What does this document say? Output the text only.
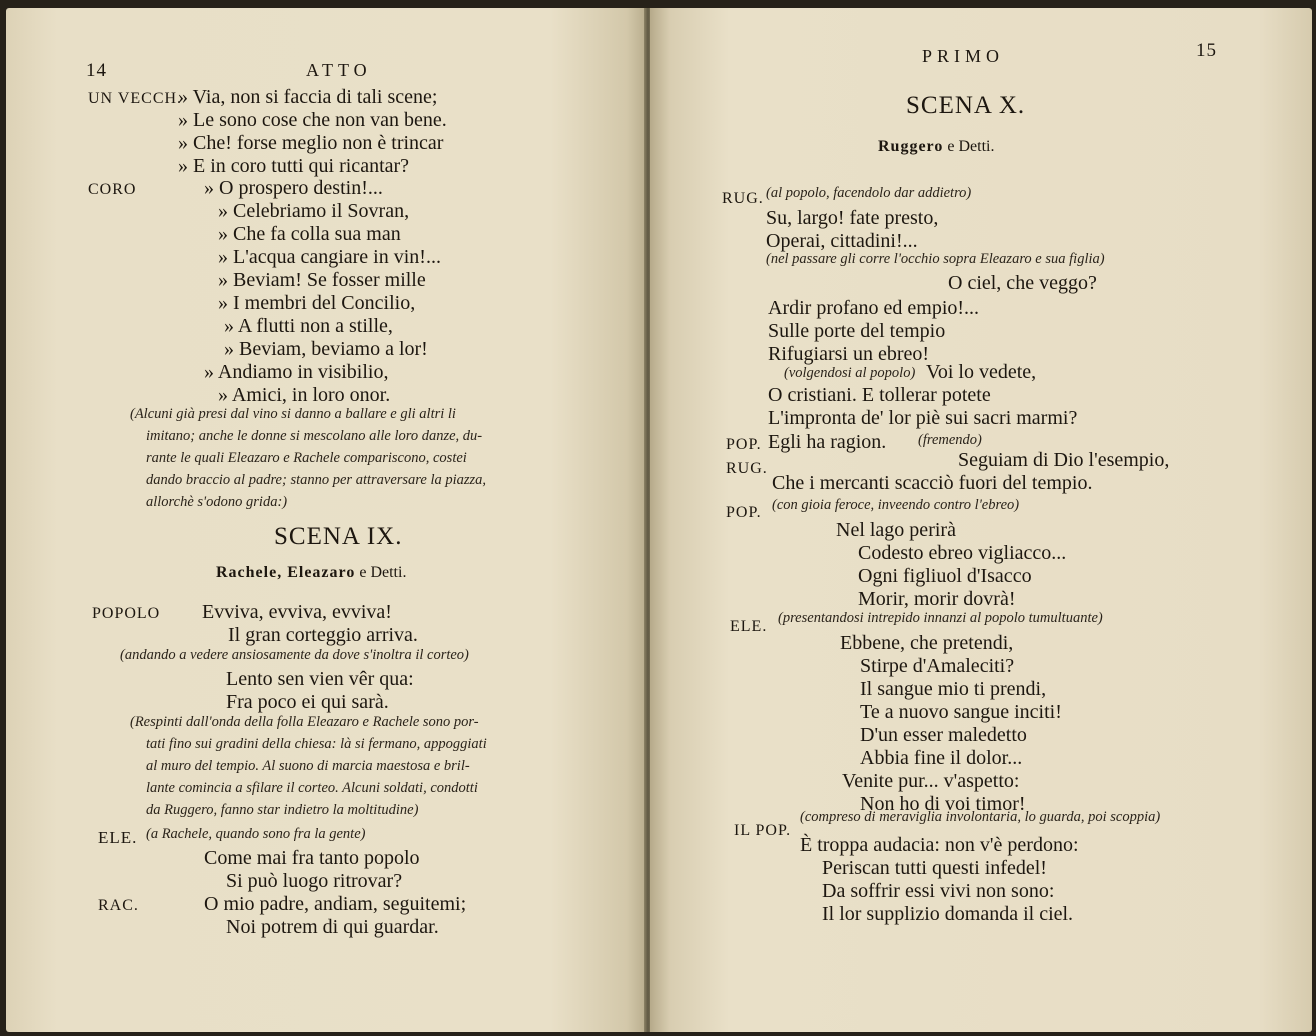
14	ATTO
UN VECCH.
» Via, non si faccia di tali scene;
» Le sono cose che non van bene.
» Che! forse meglio non è trincar
» E in coro tutti qui ricantar?
CORO	» O prospero destin!...
» Celebriamo il Sovran,
» Che fa colla sua man
» L'acqua cangiare in vin!...
» Beviam! Se fosser mille
» I membri del Concilio,
» A flutti non a stille,
» Beviam, beviamo a lor!
» Andiamo in visibilio,
» Amici, in loro onor.
(Alcuni già presi dal vino si danno a ballare e gli altri li
imitano; anche le donne si mescolano alle loro danze, du-
rante le quali Eleazaro e Rachele compariscono, costei
dando braccio al padre; stanno per attraversare la piazza,
allorchè s'odono grida:)
SCENA IX.
Rachele, Eleazaro e Detti.
POPOLO Evviva, evviva, evviva!
Il gran corteggio arriva.
(andando a vedere ansiosamente da dove s'inoltra il corteo)
Lento sen vien vêr qua:
Fra poco ei qui sarà.
(Respinti dall'onda della folla Eleazaro e Rachele sono por-
tati fino sui gradini della chiesa: là si fermano, appoggiati
al muro del tempio. Al suono di marcia maestosa e bril-
lante comincia a sfilare il corteo. Alcuni soldati, condotti
da Ruggero, fanno star indietro la moltitudine)
ELE. (a Rachele, quando sono fra la gente)
Come mai fra tanto popolo
Si può luogo ritrovar?
RAC.	O mio padre, andiam, seguitemi;
Noi potrem di qui guardar.
PRIMO	15
SCENA X.
Ruggero e Detti.
RUG. (al popolo, facendolo dar addietro)
Su, largo! fate presto,
Operai, cittadini!...
(nel passare gli corre l'occhio sopra Eleazaro e sua figlia)
O ciel, che veggo?
Ardir profano ed empio!...
Sulle porte del tempio
Rifugiarsi un ebreo!
(volgendosi al popolo) Voi lo vedete,
O cristiani. E tollerar potete
L'impronta de' lor piè sui sacri marmi?
POP. Egli ha ragion. (fremendo)
RUG.	Seguiam di Dio l'esempio,
Che i mercanti scacciò fuori del tempio.
POP. (con gioia feroce, inveendo contro l'ebreo)
Nel lago perirà
Codesto ebreo vigliacco...
Ogni figliuol d'Isacco
Morir, morir dovrà!
ELE. (presentandosi intrepido innanzi al popolo tumultuante)
Ebbene, che pretendi,
Stirpe d'Amaleciti?
Il sangue mio ti prendi,
Te a nuovo sangue inciti!
D'un esser maledetto
Abbia fine il dolor...
Venite pur... v'aspetto:
Non ho di voi timor!
IL POP.
(compreso di meraviglia involontaria, lo guarda, poi scoppia)
È troppa audacia: non v'è perdono:
Periscan tutti questi infedel!
Da soffrir essi vivi non sono:
Il lor supplizio domanda il ciel.
